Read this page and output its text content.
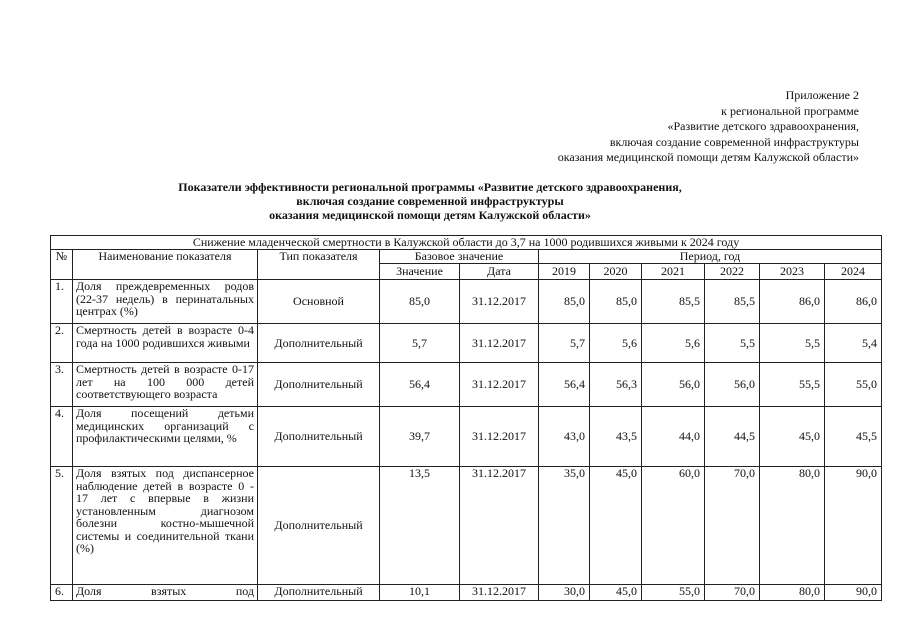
Приложение 2
к региональной программе
«Развитие детского здравоохранения,
включая создание современной инфраструктуры
оказания медицинской помощи детям Калужской области»
Показатели эффективности региональной программы «Развитие детского здравоохранения,
включая создание современной инфраструктуры
оказания медицинской помощи детям Калужской области»
Снижение младенческой смертности в Калужской области до 3,7 на 1000 родившихся живыми к 2024 году										
№	Наименование показателя	Тип показателя	Базовое значение		Период, год					
			Значение	Дата	2019	2020	2021	2022	2023	2024
1.	Доля преждевременных родов (22-37 недель) в перинатальных центрах (%)	Основной	85,0	31.12.2017	85,0	85,0	85,5	85,5	86,0	86,0
2.	Смертность детей в возрасте 0-4 года на 1000 родившихся живыми	Дополнительный	5,7	31.12.2017	5,7	5,6	5,6	5,5	5,5	5,4
3.	Смертность детей в возрасте 0-17 лет на 100 000 детей соответствующего возраста	Дополнительный	56,4	31.12.2017	56,4	56,3	56,0	56,0	55,5	55,0
4.	Доля посещений детьми медицинских организаций с профилактическими целями, %	Дополнительный	39,7	31.12.2017	43,0	43,5	44,0	44,5	45,0	45,5
5.	Доля взятых под диспансерное наблюдение детей в возрасте 0 - 17 лет с впервые в жизни установленным диагнозом болезни костно-мышечной системы и соединительной ткани (%)	Дополнительный	13,5	31.12.2017	35,0	45,0	60,0	70,0	80,0	90,0
6.	Доля взятых под	Дополнительный	10,1	31.12.2017	30,0	45,0	55,0	70,0	80,0	90,0
